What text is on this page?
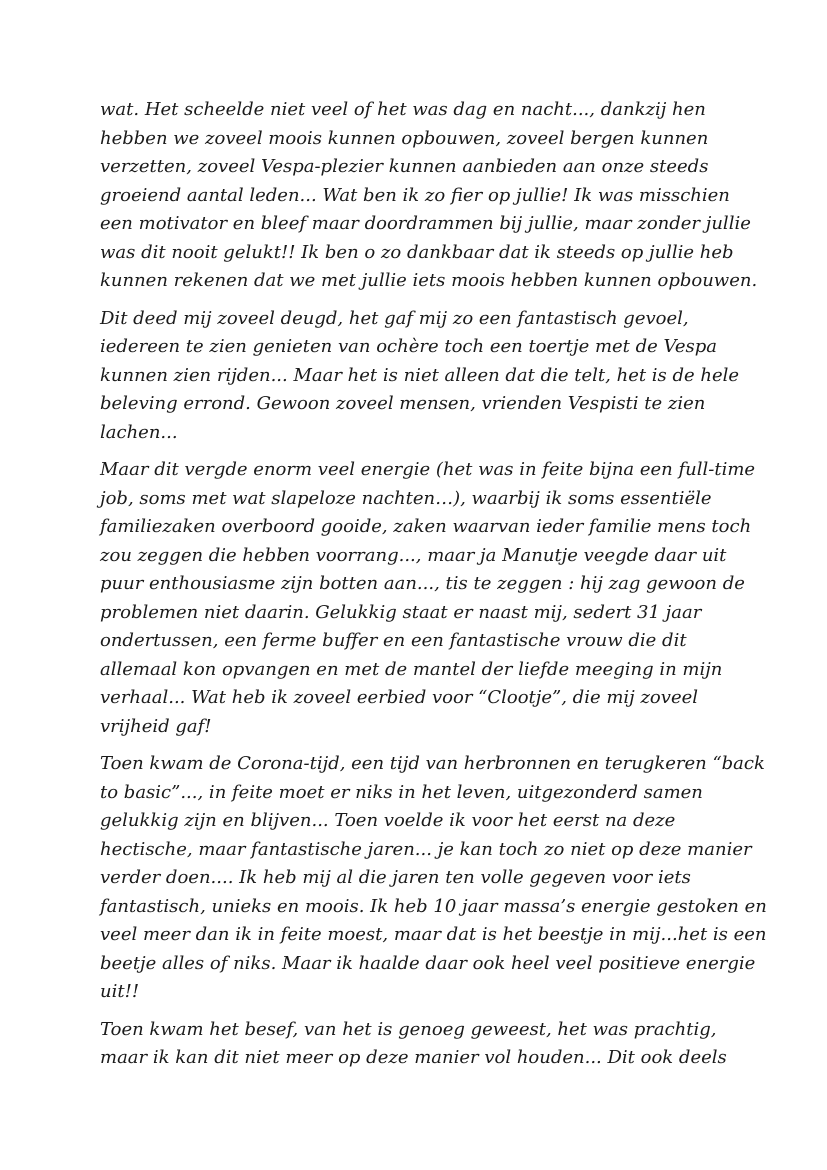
wat. Het scheelde niet veel of het was dag en nacht..., dankzij hen
hebben we zoveel moois kunnen opbouwen, zoveel bergen kunnen
verzetten, zoveel Vespa-plezier kunnen aanbieden aan onze steeds
groeiend aantal leden... Wat ben ik zo fier op jullie! Ik was misschien
een motivator en bleef maar doordrammen bij jullie, maar zonder jullie
was dit nooit gelukt!! Ik ben o zo dankbaar dat ik steeds op jullie heb
kunnen rekenen dat we met jullie iets moois hebben kunnen opbouwen.

Dit deed mij zoveel deugd, het gaf mij zo een fantastisch gevoel,
iedereen te zien genieten van ochère toch een toertje met de Vespa
kunnen zien rijden... Maar het is niet alleen dat die telt, het is de hele
beleving errond. Gewoon zoveel mensen, vrienden Vespisti te zien
lachen...

Maar dit vergde enorm veel energie (het was in feite bijna een full-time
job, soms met wat slapeloze nachten…), waarbij ik soms essentiële
familiezaken overboord gooide, zaken waarvan ieder familie mens toch
zou zeggen die hebben voorrang..., maar ja Manutje veegde daar uit
puur enthousiasme zijn botten aan..., tis te zeggen : hij zag gewoon de
problemen niet daarin. Gelukkig staat er naast mij, sedert 31 jaar
ondertussen, een ferme buffer en een fantastische vrouw die dit
allemaal kon opvangen en met de mantel der liefde meeging in mijn
verhaal... Wat heb ik zoveel eerbied voor “Clootje”, die mij zoveel
vrijheid gaf!

Toen kwam de Corona-tijd, een tijd van herbronnen en terugkeren “back
to basic”..., in feite moet er niks in het leven, uitgezonderd samen
gelukkig zijn en blijven... Toen voelde ik voor het eerst na deze
hectische, maar fantastische jaren... je kan toch zo niet op deze manier
verder doen.... Ik heb mij al die jaren ten volle gegeven voor iets
fantastisch, unieks en moois. Ik heb 10 jaar massa’s energie gestoken en
veel meer dan ik in feite moest, maar dat is het beestje in mij...het is een
beetje alles of niks. Maar ik haalde daar ook heel veel positieve energie
uit!!

Toen kwam het besef, van het is genoeg geweest, het was prachtig,
maar ik kan dit niet meer op deze manier vol houden... Dit ook deels
